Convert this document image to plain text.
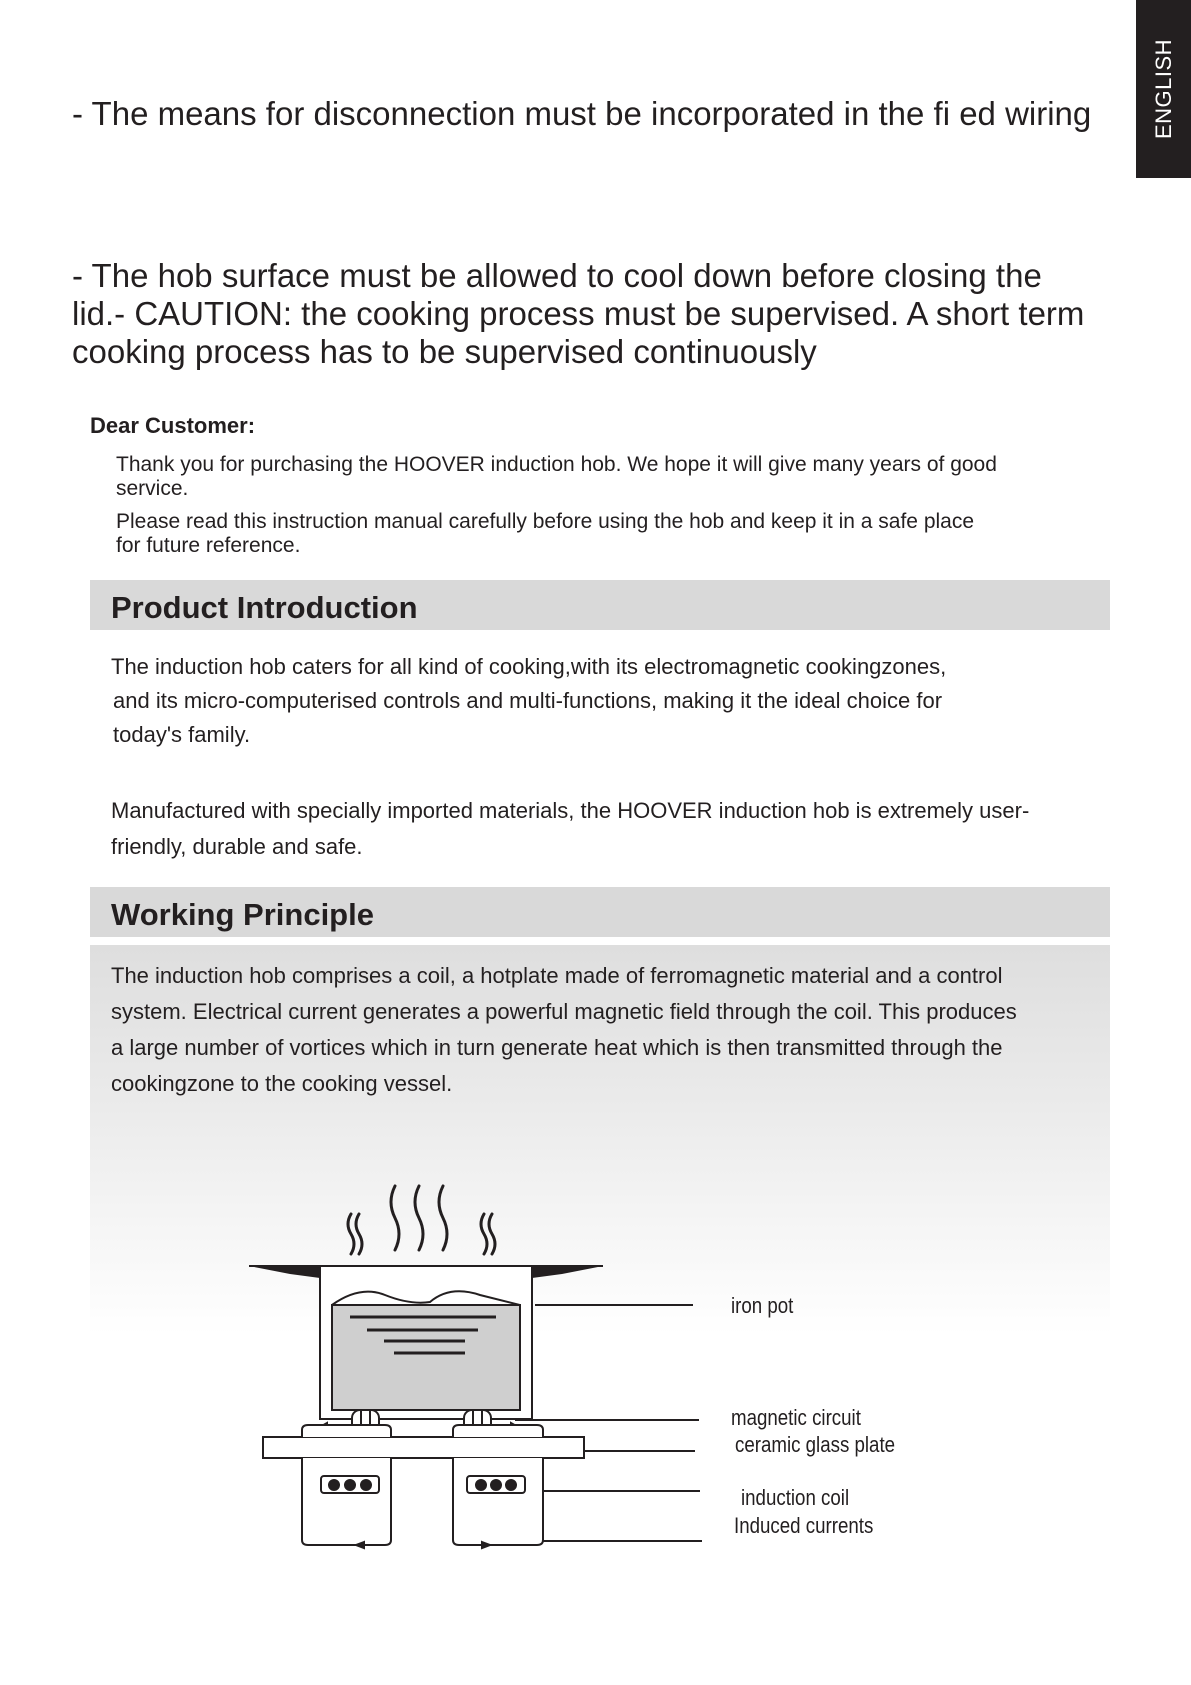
ENGLISH

- The means for disconnection must be incorporated in the fi ed wiring

- The hob surface must be allowed to cool down before closing the

lid.- CAUTION: the cooking process must be supervised. A short term

cooking process has to be supervised continuously

Dear Customer:

Thank you for purchasing the HOOVER induction hob. We hope it will give many years of good

service.

Please read this instruction manual carefully before using the hob and keep it in a safe place

for future reference.

Product Introduction

The induction hob caters for all kind of cooking,with its electromagnetic cookingzones,

and its micro-computerised controls and multi-functions, making it the ideal choice for

today's family.

Manufactured with specially imported materials, the HOOVER induction hob is extremely user-

friendly, durable and safe.

Working Principle

The induction hob comprises a coil, a hotplate made of ferromagnetic material and a control

system. Electrical current generates a powerful magnetic field through the coil. This produces

a large number of vortices which in turn generate heat which is then transmitted through the

cookingzone to the cooking vessel.

iron pot
magnetic circuit
ceramic glass plate
induction coil
Induced currents
